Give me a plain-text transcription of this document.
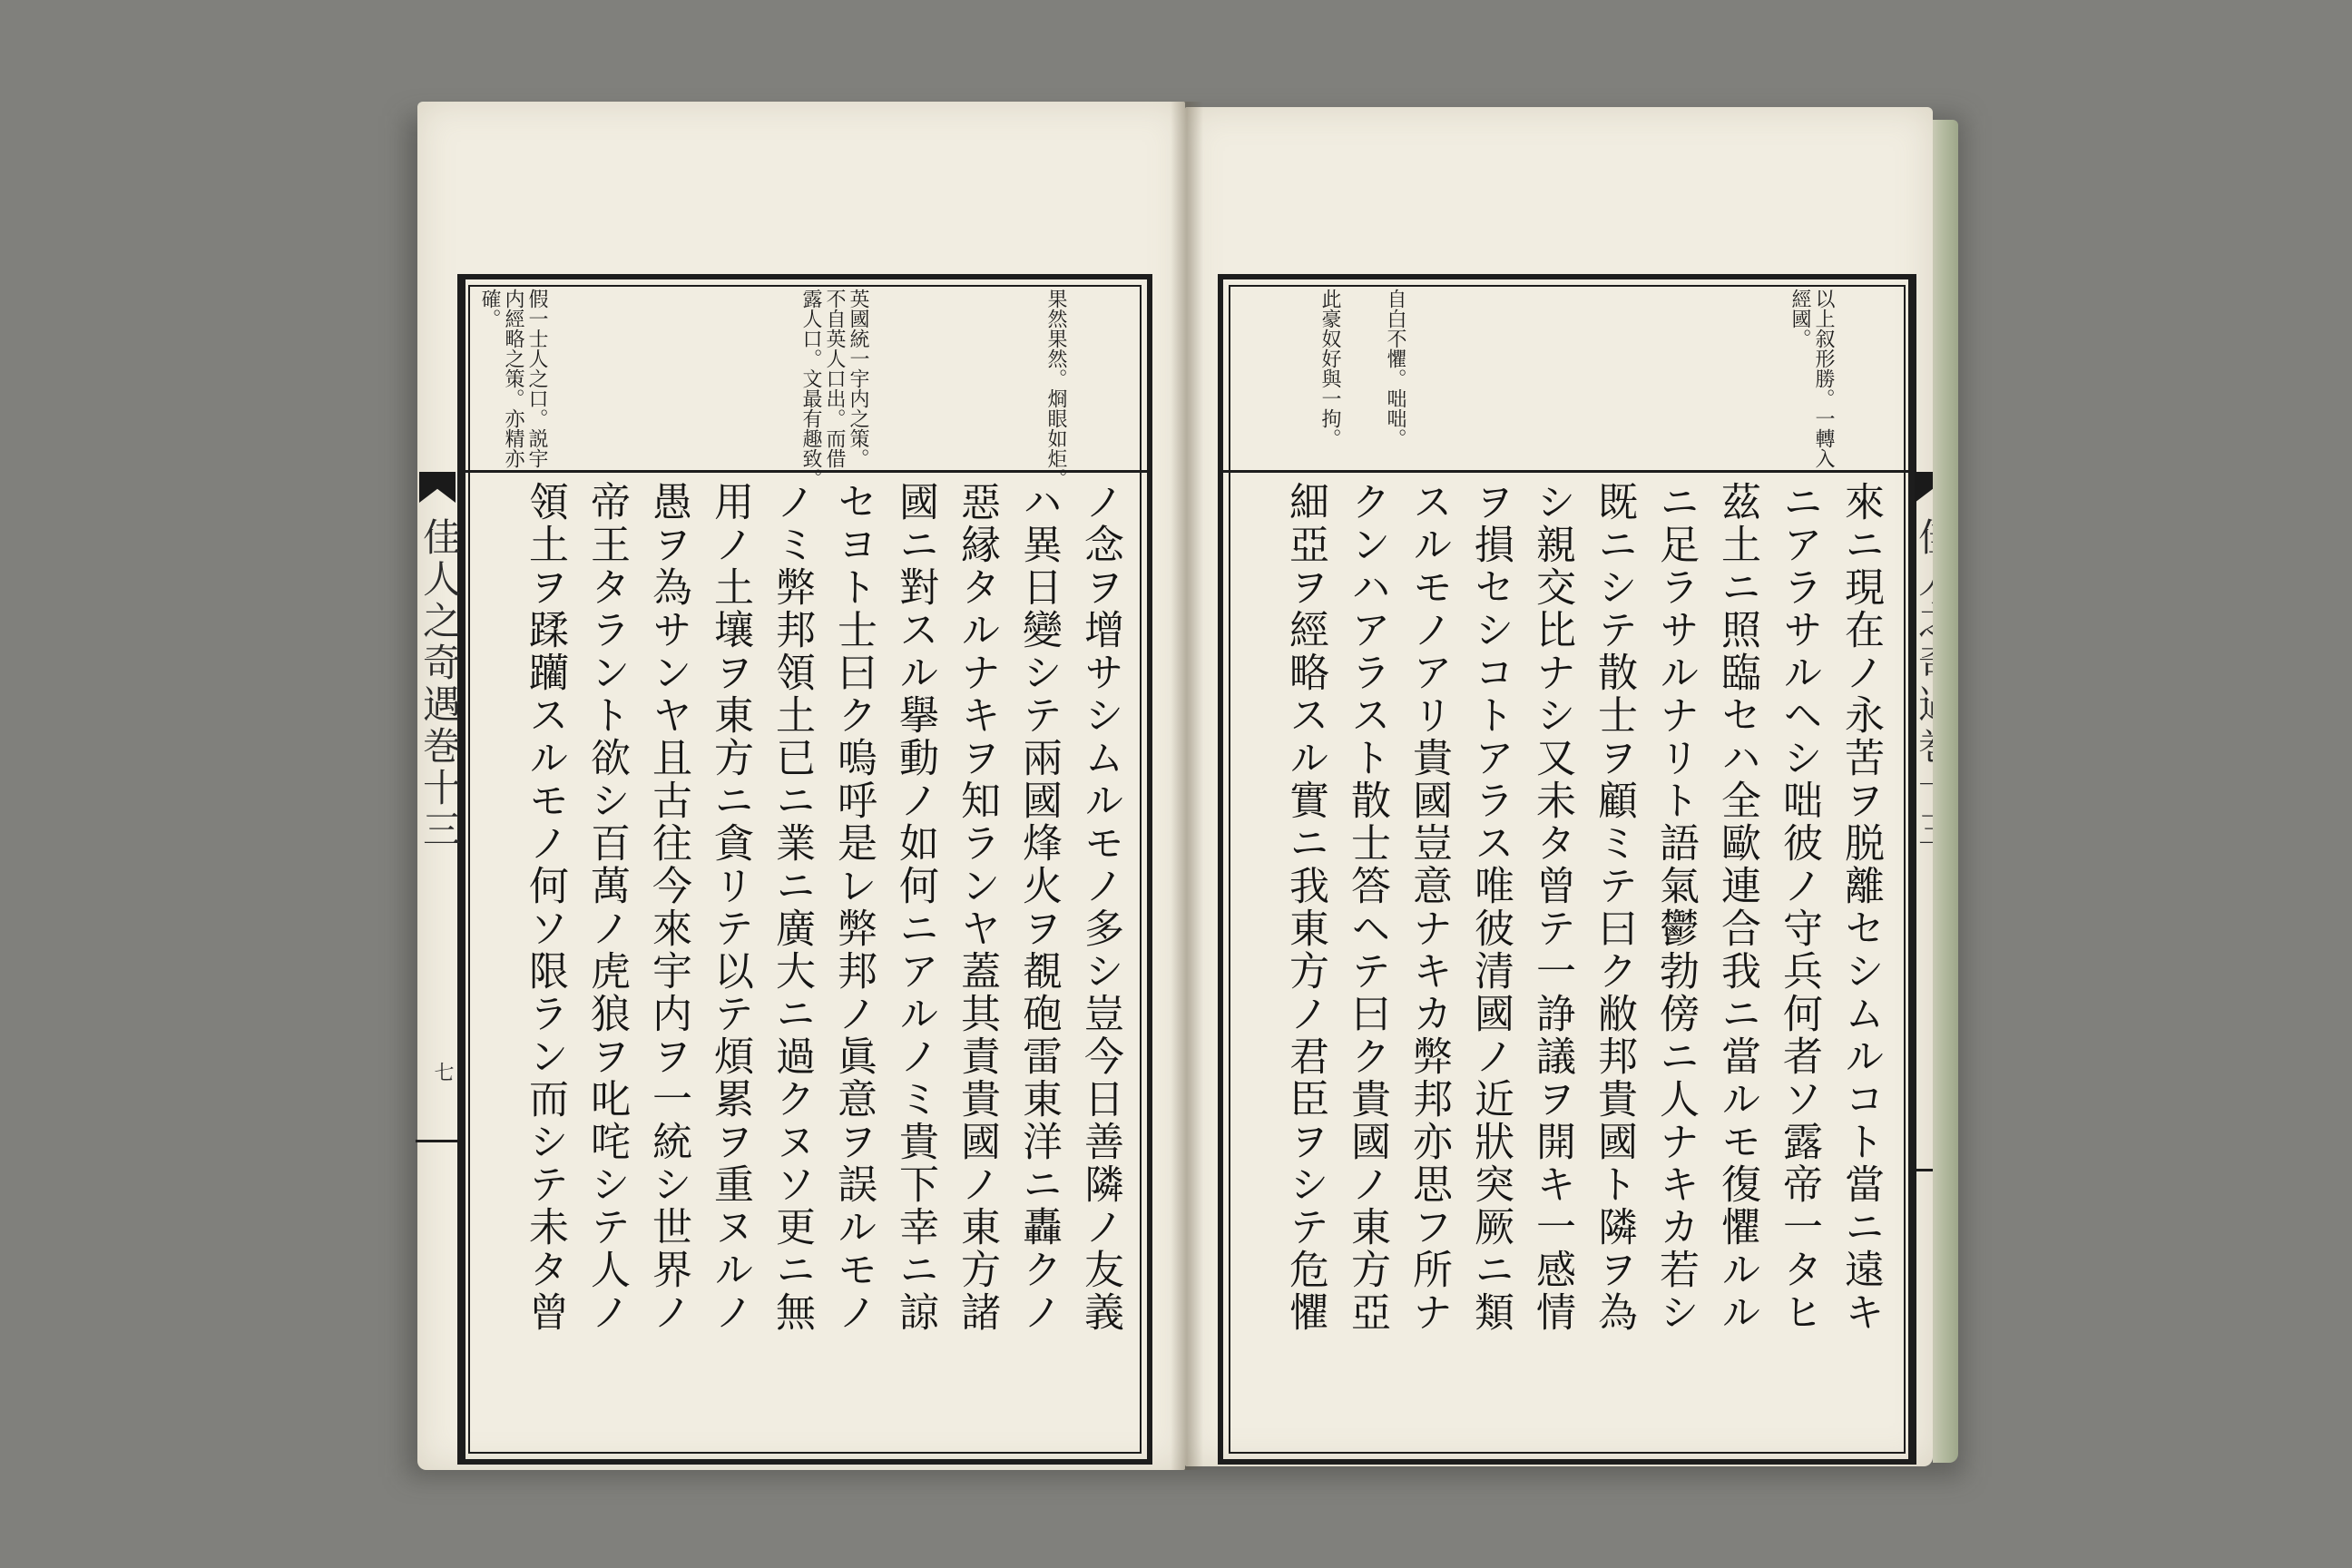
佳人之奇遇巻十三
七
果然果然。烱眼如炬。
英國統一宇内之策。
不自英人口出。而借
露人口。文最有趣致。
假一士人之口。説宇
内經略之策。亦精亦
確。
ノ念ヲ增サシムルモノ多シ豈今日善隣ノ友義
ハ異日變シテ兩國烽火ヲ覩砲雷東洋ニ轟クノ
惡縁タルナキヲ知ランヤ蓋其責貴國ノ東方諸
國ニ對スル擧動ノ如何ニアルノミ貴下幸ニ諒
セヨト士曰ク嗚呼是レ弊邦ノ眞意ヲ誤ルモノ
ノミ弊邦領土已ニ業ニ廣大ニ過クヌソ更ニ無
用ノ土壤ヲ東方ニ貪リテ以テ煩累ヲ重ヌルノ
愚ヲ為サンヤ且古往今來宇内ヲ一統シ世界ノ
帝王タラント欲シ百萬ノ虎狼ヲ叱咤シテ人ノ
領土ヲ蹂躪スルモノ何ソ限ラン而シテ未タ曾
以上叙形勝。一轉入
經國。
自白不懼。咄咄。
此豪奴好與一拘。
來ニ現在ノ永苦ヲ脱離セシムルコト當ニ遠キ
ニアラサルヘシ咄彼ノ守兵何者ソ露帝一タヒ
茲土ニ照臨セハ全歐連合我ニ當ルモ復懼ルル
ニ足ラサルナリト語氣鬱勃傍ニ人ナキカ若シ
既ニシテ散士ヲ顧ミテ曰ク敝邦貴國ト隣ヲ為
シ親交比ナシ又未タ曾テ一諍議ヲ開キ一感情
ヲ損セシコトアラス唯彼清國ノ近狀突厥ニ類
スルモノアリ貴國豈意ナキカ弊邦亦思フ所ナ
クンハアラスト散士答ヘテ曰ク貴國ノ東方亞
細亞ヲ經略スル實ニ我東方ノ君臣ヲシテ危懼
